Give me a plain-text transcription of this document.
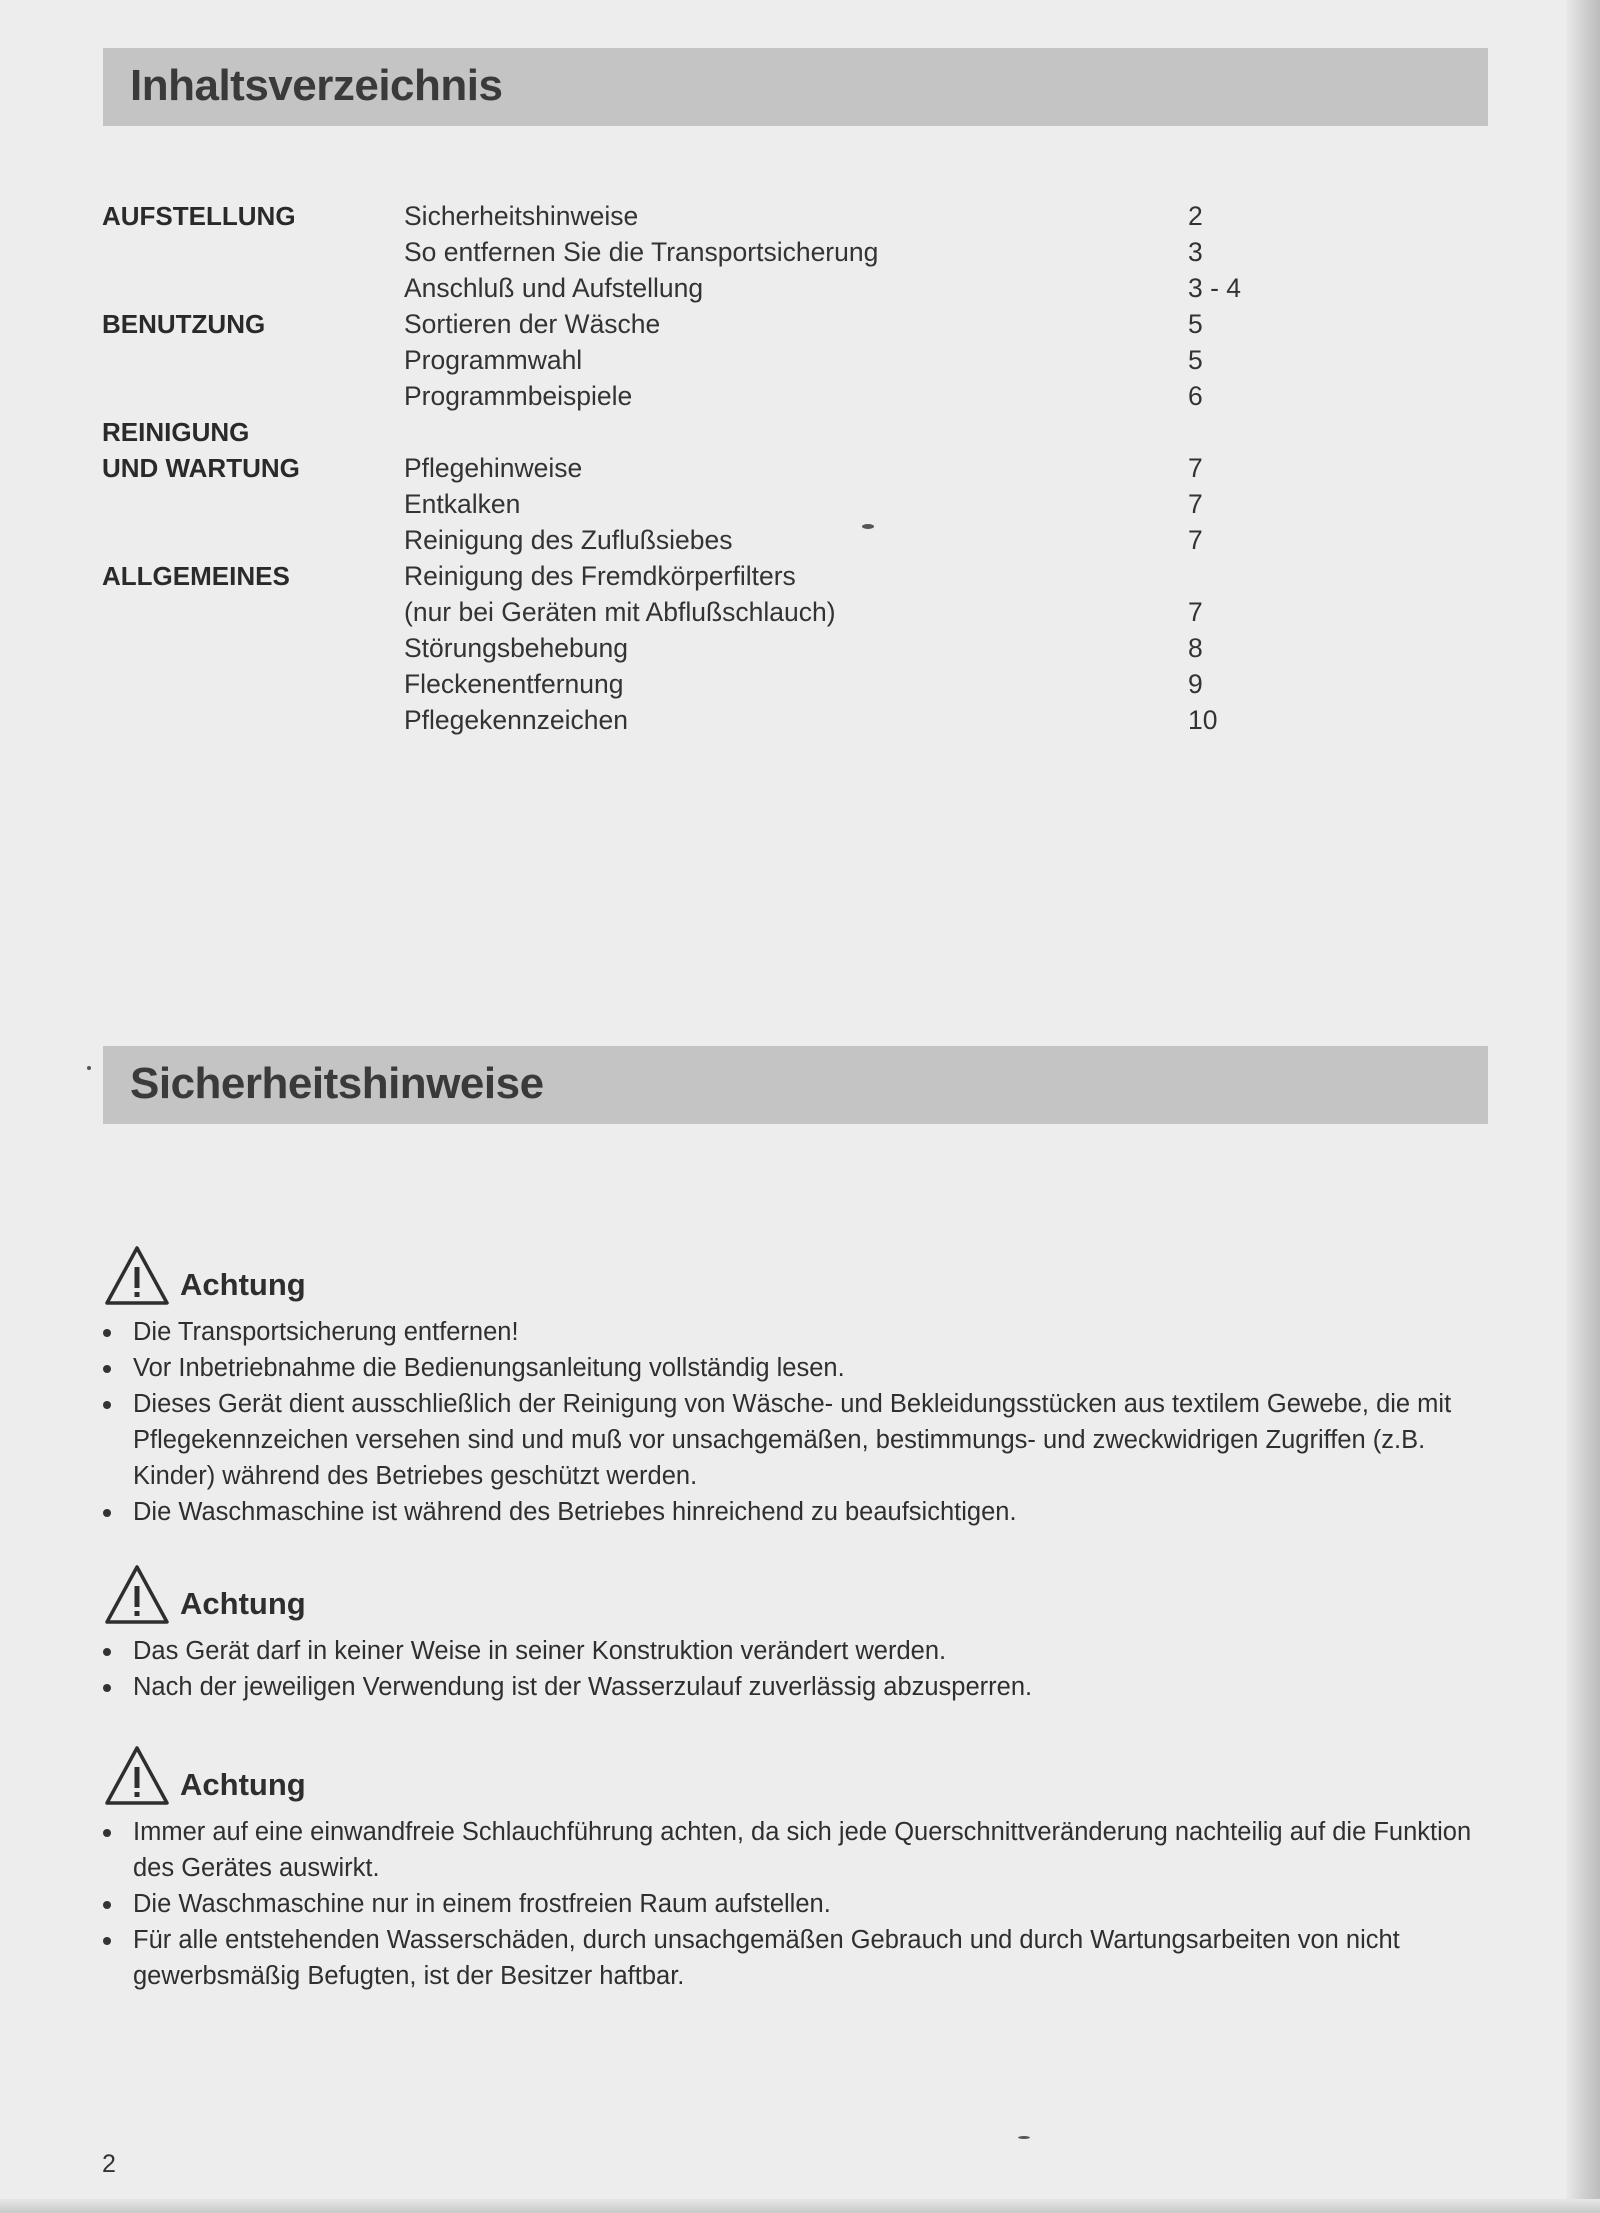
Inhaltsverzeichnis
AUFSTELLUNG	Sicherheitshinweise	2
So entfernen Sie die Transportsicherung	3
Anschluß und Aufstellung	3 - 4
BENUTZUNG	Sortieren der Wäsche	5
Programmwahl	5
Programmbeispiele	6
REINIGUNG
UND WARTUNG	Pflegehinweise	7
Entkalken	7
Reinigung des Zuflußsiebes	7
ALLGEMEINES	Reinigung des Fremdkörperfilters
(nur bei Geräten mit Abflußschlauch)	7
Störungsbehebung	8
Fleckenentfernung	9
Pflegekennzeichen	10
Sicherheitshinweise
Achtung
Die Transportsicherung entfernen!
Vor Inbetriebnahme die Bedienungsanleitung vollständig lesen.
Dieses Gerät dient ausschließlich der Reinigung von Wäsche- und Bekleidungsstücken aus textilem Gewebe, die mit Pflegekennzeichen versehen sind und muß vor unsachgemäßen, bestimmungs- und zweckwidrigen Zugriffen (z.B. Kinder) während des Betriebes geschützt werden.
Die Waschmaschine ist während des Betriebes hinreichend zu beaufsichtigen.
Achtung
Das Gerät darf in keiner Weise in seiner Konstruktion verändert werden.
Nach der jeweiligen Verwendung ist der Wasserzulauf zuverlässig abzusperren.
Achtung
Immer auf eine einwandfreie Schlauchführung achten, da sich jede Querschnittveränderung nachteilig auf die Funktion des Gerätes auswirkt.
Die Waschmaschine nur in einem frostfreien Raum aufstellen.
Für alle entstehenden Wasserschäden, durch unsachgemäßen Gebrauch und durch Wartungsarbeiten von nicht gewerbsmäßig Befugten, ist der Besitzer haftbar.
2
